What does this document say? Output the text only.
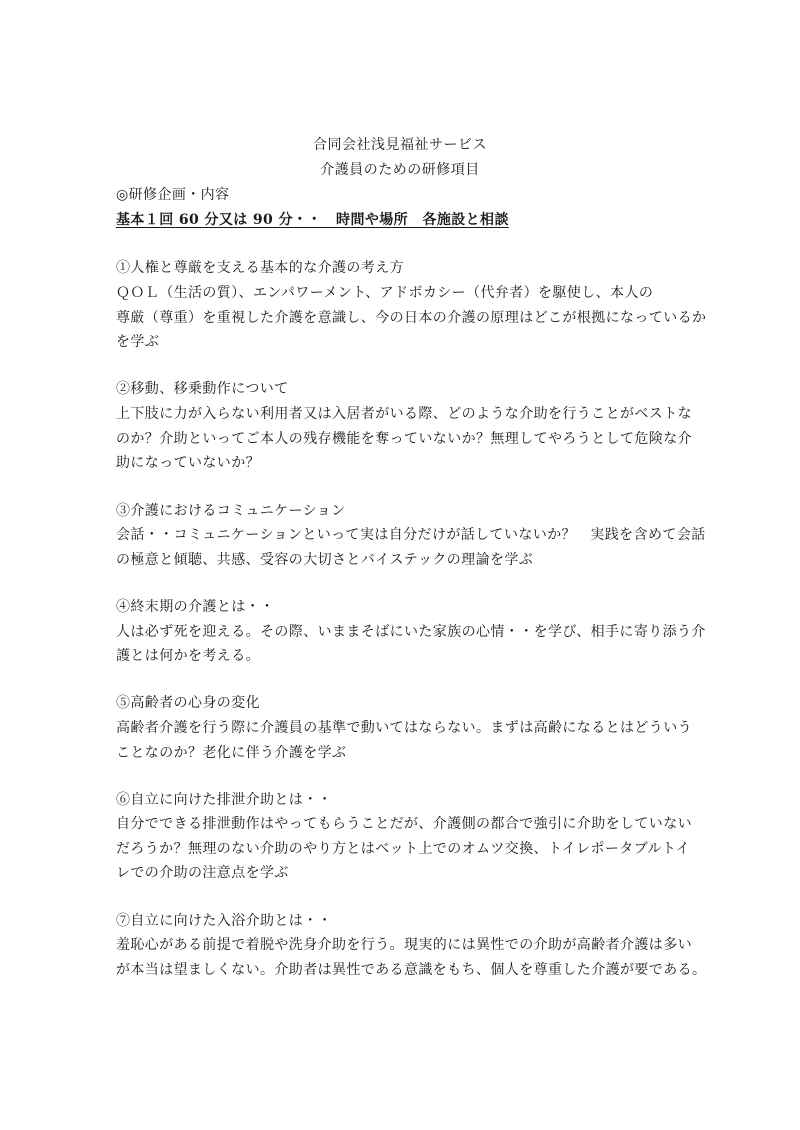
合同会社浅見福祉サービス
介護員のための研修項目
◎研修企画・内容
基本１回 60 分又は 90 分・・　時間や場所　各施設と相談
①人権と尊厳を支える基本的な介護の考え方
ＱＯＬ（生活の質）、エンパワーメント、アドボカシー（代弁者）を駆使し、本人の
尊厳（尊重）を重視した介護を意識し、今の日本の介護の原理はどこが根拠になっているか
を学ぶ
②移動、移乗動作について
上下肢に力が入らない利用者又は入居者がいる際、どのような介助を行うことがベストな
のか？介助といってご本人の残存機能を奪っていないか？無理してやろうとして危険な介
助になっていないか？
③介護におけるコミュニケーション
会話・・コミュニケーションといって実は自分だけが話していないか？　実践を含めて会話
の極意と傾聴、共感、受容の大切さとバイステックの理論を学ぶ
④終末期の介護とは・・
人は必ず死を迎える。その際、いままそばにいた家族の心情・・を学び、相手に寄り添う介
護とは何かを考える。
⑤高齢者の心身の変化
高齢者介護を行う際に介護員の基準で動いてはならない。まずは高齢になるとはどういう
ことなのか？老化に伴う介護を学ぶ
⑥自立に向けた排泄介助とは・・
自分でできる排泄動作はやってもらうことだが、介護側の都合で強引に介助をしていない
だろうか？無理のない介助のやり方とはベット上でのオムツ交換、トイレポータブルトイ
レでの介助の注意点を学ぶ
⑦自立に向けた入浴介助とは・・
羞恥心がある前提で着脱や洗身介助を行う。現実的には異性での介助が高齢者介護は多い
が本当は望ましくない。介助者は異性である意識をもち、個人を尊重した介護が要である。
